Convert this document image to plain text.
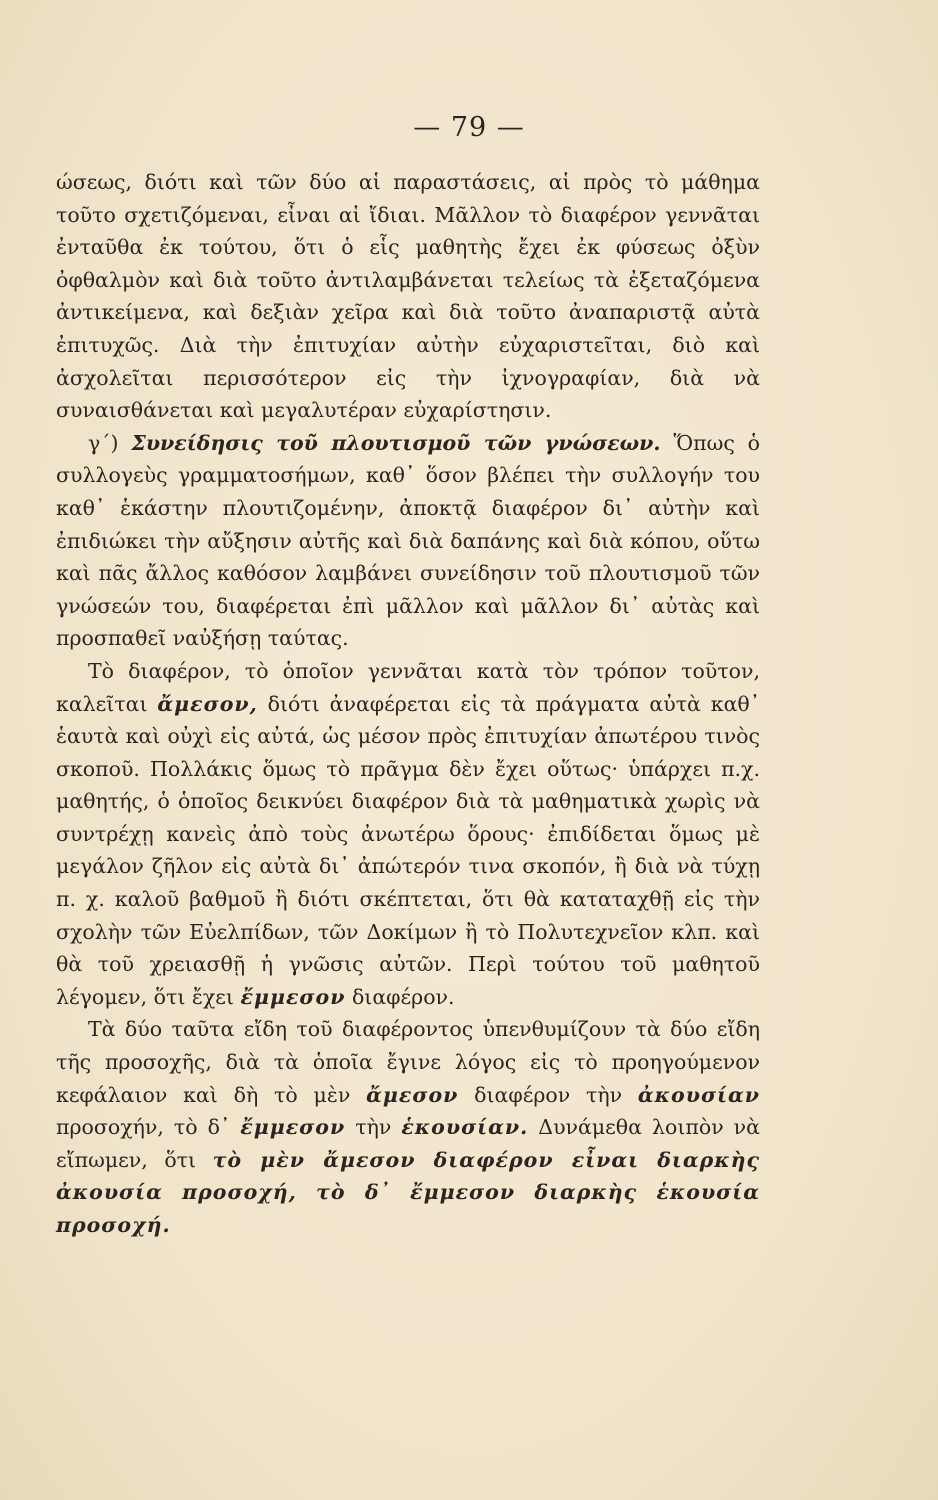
— 79 —

ώσεως, διότι καὶ τῶν δύο αἱ παραστάσεις, αἱ πρὸς τὸ μάθημα τοῦτο σχετιζόμεναι, εἶναι αἱ ἴδιαι. Μᾶλλον τὸ διαφέρον γεννᾶται ἐνταῦθα ἐκ τούτου, ὅτι ὁ εἷς μαθητὴς ἔχει ἐκ φύσεως ὀξὺν ὀφθαλμὸν καὶ διὰ τοῦτο ἀντιλαμβάνεται τελείως τὰ ἐξεταζόμενα ἀντικείμενα, καὶ δεξιὰν χεῖρα καὶ διὰ τοῦτο ἀναπαριστᾷ αὐτὰ ἐπιτυχῶς. Διὰ τὴν ἐπιτυχίαν αὐτὴν εὐχαριστεῖται, διὸ καὶ ἀσχολεῖται περισσότερον εἰς τὴν ἰχνογραφίαν, διὰ νὰ συναισθάνεται καὶ μεγαλυτέραν εὐχαρίστησιν.

γ΄) Συνείδησις τοῦ πλουτισμοῦ τῶν γνώσεων. Ὅπως ὁ συλλογεὺς γραμματοσήμων, καθ᾽ ὅσον βλέπει τὴν συλλογήν του καθ᾽ ἑκάστην πλουτιζομένην, ἀποκτᾷ διαφέρον δι᾽ αὐτὴν καὶ ἐπιδιώκει τὴν αὔξησιν αὐτῆς καὶ διὰ δαπάνης καὶ διὰ κόπου, οὕτω καὶ πᾶς ἄλλος καθόσον λαμβάνει συνείδησιν τοῦ πλουτισμοῦ τῶν γνώσεών του, διαφέρεται ἐπὶ μᾶλλον καὶ μᾶλλον δι᾽ αὐτὰς καὶ προσπαθεῖ ναὐξήσῃ ταύτας.

Τὸ διαφέρον, τὸ ὁποῖον γεννᾶται κατὰ τὸν τρόπον τοῦτον, καλεῖται ἄμεσον, διότι ἀναφέρεται εἰς τὰ πράγματα αὐτὰ καθ᾽ ἑαυτὰ καὶ οὐχὶ εἰς αὐτά, ὡς μέσον πρὸς ἐπιτυχίαν ἀπωτέρου τινὸς σκοποῦ. Πολλάκις ὅμως τὸ πρᾶγμα δὲν ἔχει οὕτως· ὑπάρχει π.χ. μαθητής, ὁ ὁποῖος δεικνύει διαφέρον διὰ τὰ μαθηματικὰ χωρὶς νὰ συντρέχῃ κανεὶς ἀπὸ τοὺς ἀνωτέρω ὅρους· ἐπιδίδεται ὅμως μὲ μεγάλον ζῆλον εἰς αὐτὰ δι᾽ ἀπώτερόν τινα σκοπόν, ἢ διὰ νὰ τύχῃ π. χ. καλοῦ βαθμοῦ ἢ διότι σκέπτεται, ὅτι θὰ καταταχθῇ εἰς τὴν σχολὴν τῶν Εὐελπίδων, τῶν Δοκίμων ἢ τὸ Πολυτεχνεῖον κλπ. καὶ θὰ τοῦ χρειασθῇ ἡ γνῶσις αὐτῶν. Περὶ τούτου τοῦ μαθητοῦ λέγομεν, ὅτι ἔχει ἔμμεσον διαφέρον.

Τὰ δύο ταῦτα εἴδη τοῦ διαφέροντος ὑπενθυμίζουν τὰ δύο εἴδη τῆς προσοχῆς, διὰ τὰ ὁποῖα ἔγινε λόγος εἰς τὸ προηγούμενον κεφάλαιον καὶ δὴ τὸ μὲν ἄμεσον διαφέρον τὴν ἀκουσίαν προσοχήν, τὸ δ᾽ ἔμμεσον τὴν ἑκουσίαν. Δυνάμεθα λοιπὸν νὰ εἴπωμεν, ὅτι τὸ μὲν ἄμεσον διαφέρον εἶναι διαρκὴς ἀκουσία προσοχή, τὸ δ᾽ ἔμμεσον διαρκὴς ἑκουσία προσοχή.
